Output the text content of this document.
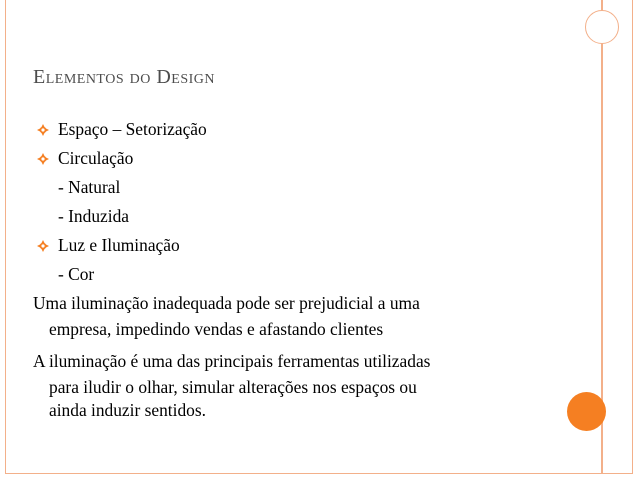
Elementos do Design
Espaço – Setorização
Circulação
- Natural
- Induzida
Luz e Iluminação
- Cor
Uma iluminação inadequada pode ser prejudicial a uma
empresa, impedindo vendas e afastando clientes
A iluminação é uma das principais ferramentas utilizadas
para iludir o olhar, simular alterações nos espaços ou
ainda induzir sentidos.
